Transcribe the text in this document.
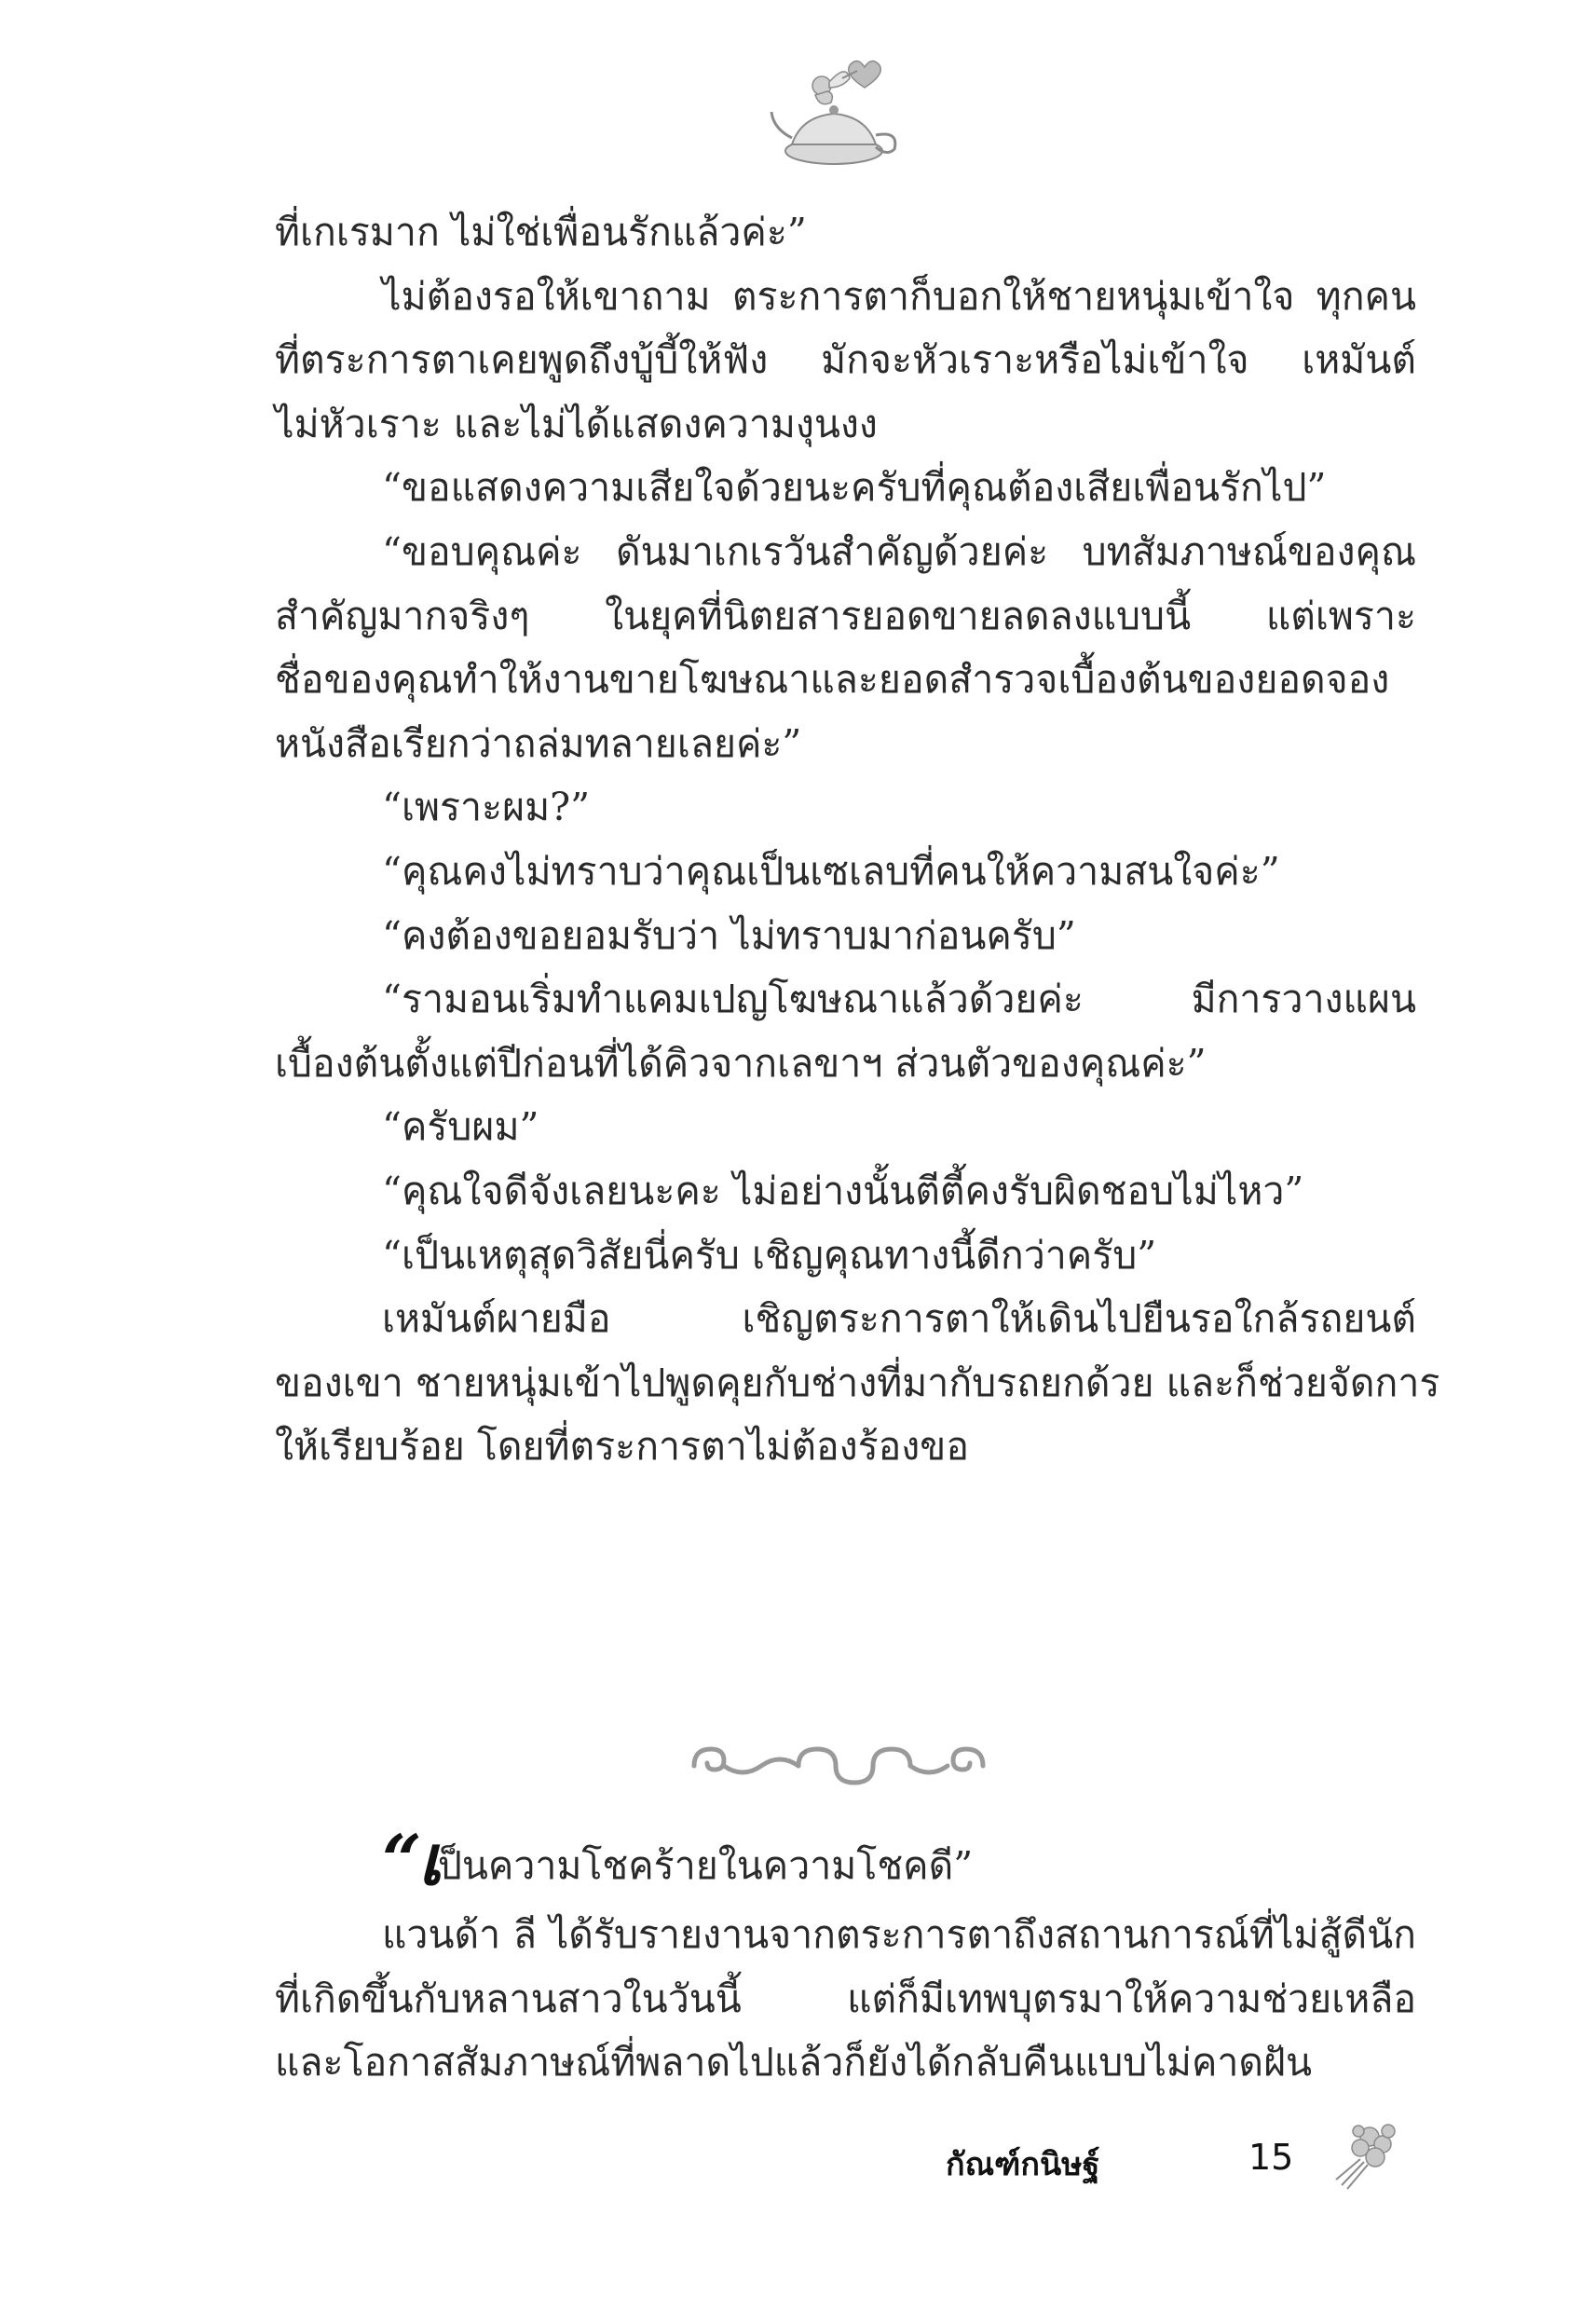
ที่เกเรมาก ไม่ใช่เพื่อนรักแล้วค่ะ”
ไม่ต้องรอให้เขาถาม ตระการตาก็บอกให้ชายหนุ่มเข้าใจ ทุกคน
ที่ตระการตาเคยพูดถึงบู้บี้ให้ฟัง มักจะหัวเราะหรือไม่เข้าใจ เหมันต์
ไม่หัวเราะ และไม่ได้แสดงความงุนงง
“ขอแสดงความเสียใจด้วยนะครับที่คุณต้องเสียเพื่อนรักไป”
“ขอบคุณค่ะ ดันมาเกเรวันสำคัญด้วยค่ะ บทสัมภาษณ์ของคุณ
สำคัญมากจริงๆ ในยุคที่นิตยสารยอดขายลดลงแบบนี้ แต่เพราะ
ชื่อของคุณทำให้งานขายโฆษณาและยอดสำรวจเบื้องต้นของยอดจอง
หนังสือเรียกว่าถล่มทลายเลยค่ะ”
“เพราะผม?”
“คุณคงไม่ทราบว่าคุณเป็นเซเลบที่คนให้ความสนใจค่ะ”
“คงต้องขอยอมรับว่า ไม่ทราบมาก่อนครับ”
“รามอนเริ่มทำแคมเปญโฆษณาแล้วด้วยค่ะ มีการวางแผน
เบื้องต้นตั้งแต่ปีก่อนที่ได้คิวจากเลขาฯ ส่วนตัวของคุณค่ะ”
“ครับผม”
“คุณใจดีจังเลยนะคะ ไม่อย่างนั้นตีตี้คงรับผิดชอบไม่ไหว”
“เป็นเหตุสุดวิสัยนี่ครับ เชิญคุณทางนี้ดีกว่าครับ”
เหมันต์ผายมือ เชิญตระการตาให้เดินไปยืนรอใกล้รถยนต์
ของเขา ชายหนุ่มเข้าไปพูดคุยกับช่างที่มากับรถยกด้วย และก็ช่วยจัดการ
ให้เรียบร้อย โดยที่ตระการตาไม่ต้องร้องขอ
“เป็นความโชคร้ายในความโชคดี”
แวนด้า ลี ได้รับรายงานจากตระการตาถึงสถานการณ์ที่ไม่สู้ดีนัก
ที่เกิดขึ้นกับหลานสาวในวันนี้ แต่ก็มีเทพบุตรมาให้ความช่วยเหลือ
และโอกาสสัมภาษณ์ที่พลาดไปแล้วก็ยังได้กลับคืนแบบไม่คาดฝัน
กัณฑ์กนิษฐ์	15
